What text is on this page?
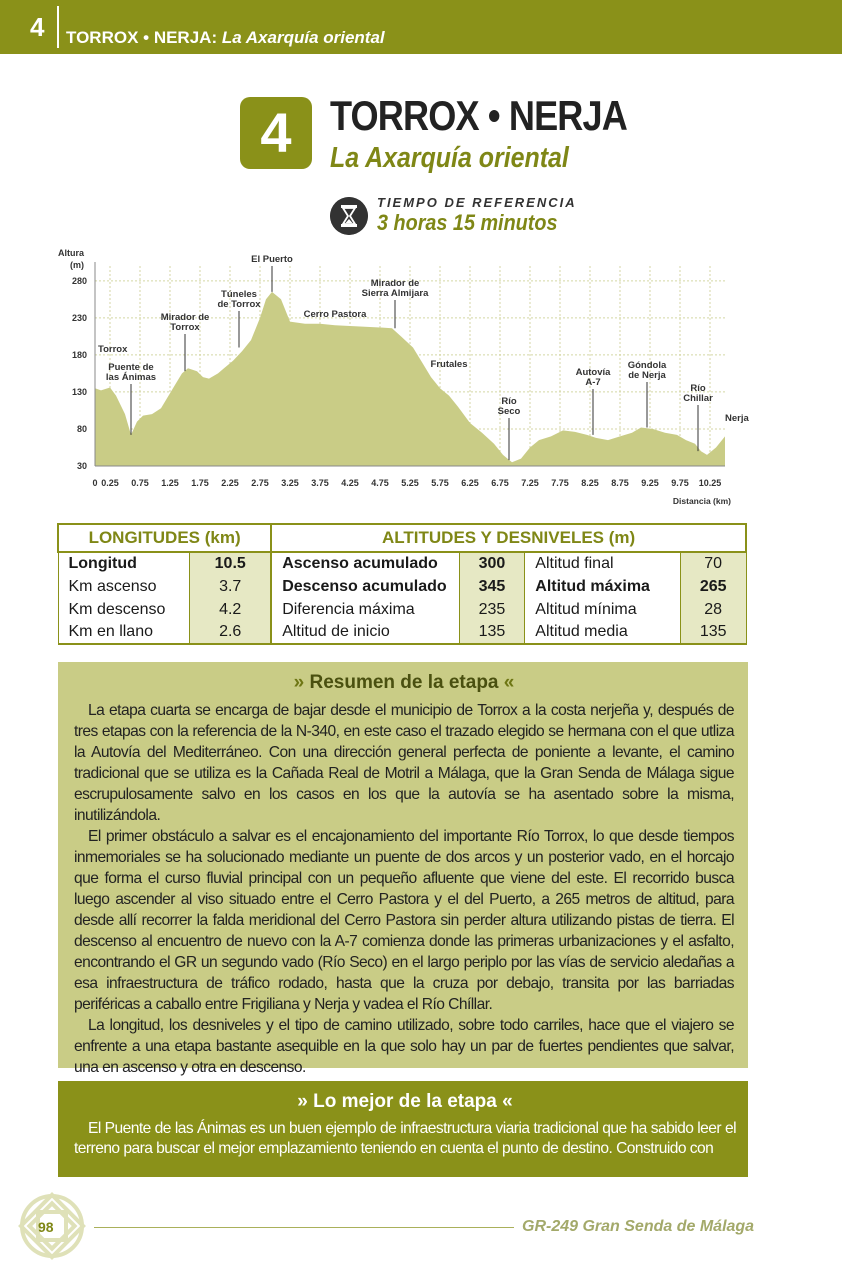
4 TORROX • NERJA: La Axarquía oriental
4 TORROX • NERJA
La Axarquía oriental
TIEMPO DE REFERENCIA
3 horas 15 minutos
280
230
180
130
80
30
0 0.25 0.75 1.25 1.75 2.25 2.75 3.25 3.75 4.25 4.75 5.25 5.75 6.25 6.75 7.25 7.75 8.25 8.75 9.25 9.75 10.25
Altura
(m)
Distancia (km)
Torrox
Puente de
las Ánimas
Mirador de
Torrox
Túneles
de Torrox
El Puerto
Cerro Pastora
Mirador de
Sierra Almijara
Frutales
Río
Seco
Autovía
A-7
Góndola
de Nerja
Río
Chillar
Nerja
LONGITUDES (km)		ALTITUDES Y DESNIVELES (m)			
Longitud	10.5	Ascenso acumulado	300	Altitud final	70
Km ascenso	3.7	Descenso acumulado	345	Altitud máxima	265
Km descenso	4.2	Diferencia máxima	235	Altitud mínima	28
Km en llano	2.6	Altitud de inicio	135	Altitud media	135
» Resumen de la etapa «

La etapa cuarta se encarga de bajar desde el municipio de Torrox a la costa nerjeña y, después de tres etapas con la referencia de la N-340, en este caso el trazado elegido se hermana con el que utliza la Autovía del Mediterráneo. Con una dirección general perfecta de poniente a levante, el camino tradicional que se utiliza es la Cañada Real de Motril a Málaga, que la Gran Senda de Málaga sigue escrupulosamente salvo en los casos en los que la autovía se ha asentado sobre la misma, inutilizándola.

El primer obstáculo a salvar es el encajonamiento del importante Río Torrox, lo que desde tiempos inmemoriales se ha solucionado mediante un puente de dos arcos y un posterior vado, en el horcajo que forma el curso fluvial principal con un pequeño afluente que viene del este. El recorrido busca luego ascender al viso situado entre el Cerro Pastora y el del Puerto, a 265 metros de altitud, para desde allí recorrer la falda meridional del Cerro Pastora sin perder altura utilizando pistas de tierra. El descenso al encuentro de nuevo con la A-7 comienza donde las primeras urbanizaciones y el asfalto, encontrando el GR un segundo vado (Río Seco) en el largo periplo por las vías de servicio aledañas a esa infraestructura de tráfico rodado, hasta que la cruza por debajo, transita por las barriadas periféricas a caballo entre Frigiliana y Nerja y vadea el Río Chíllar.

La longitud, los desniveles y el tipo de camino utilizado, sobre todo carriles, hace que el viajero se enfrente a una etapa bastante asequible en la que solo hay un par de fuertes pendientes que salvar, una en ascenso y otra en descenso.

» Lo mejor de la etapa «

El Puente de las Ánimas es un buen ejemplo de infraestructura viaria tradicional que ha sabido leer el terreno para buscar el mejor emplazamiento teniendo en cuenta el punto de destino. Construido con

98	GR-249 Gran Senda de Málaga
